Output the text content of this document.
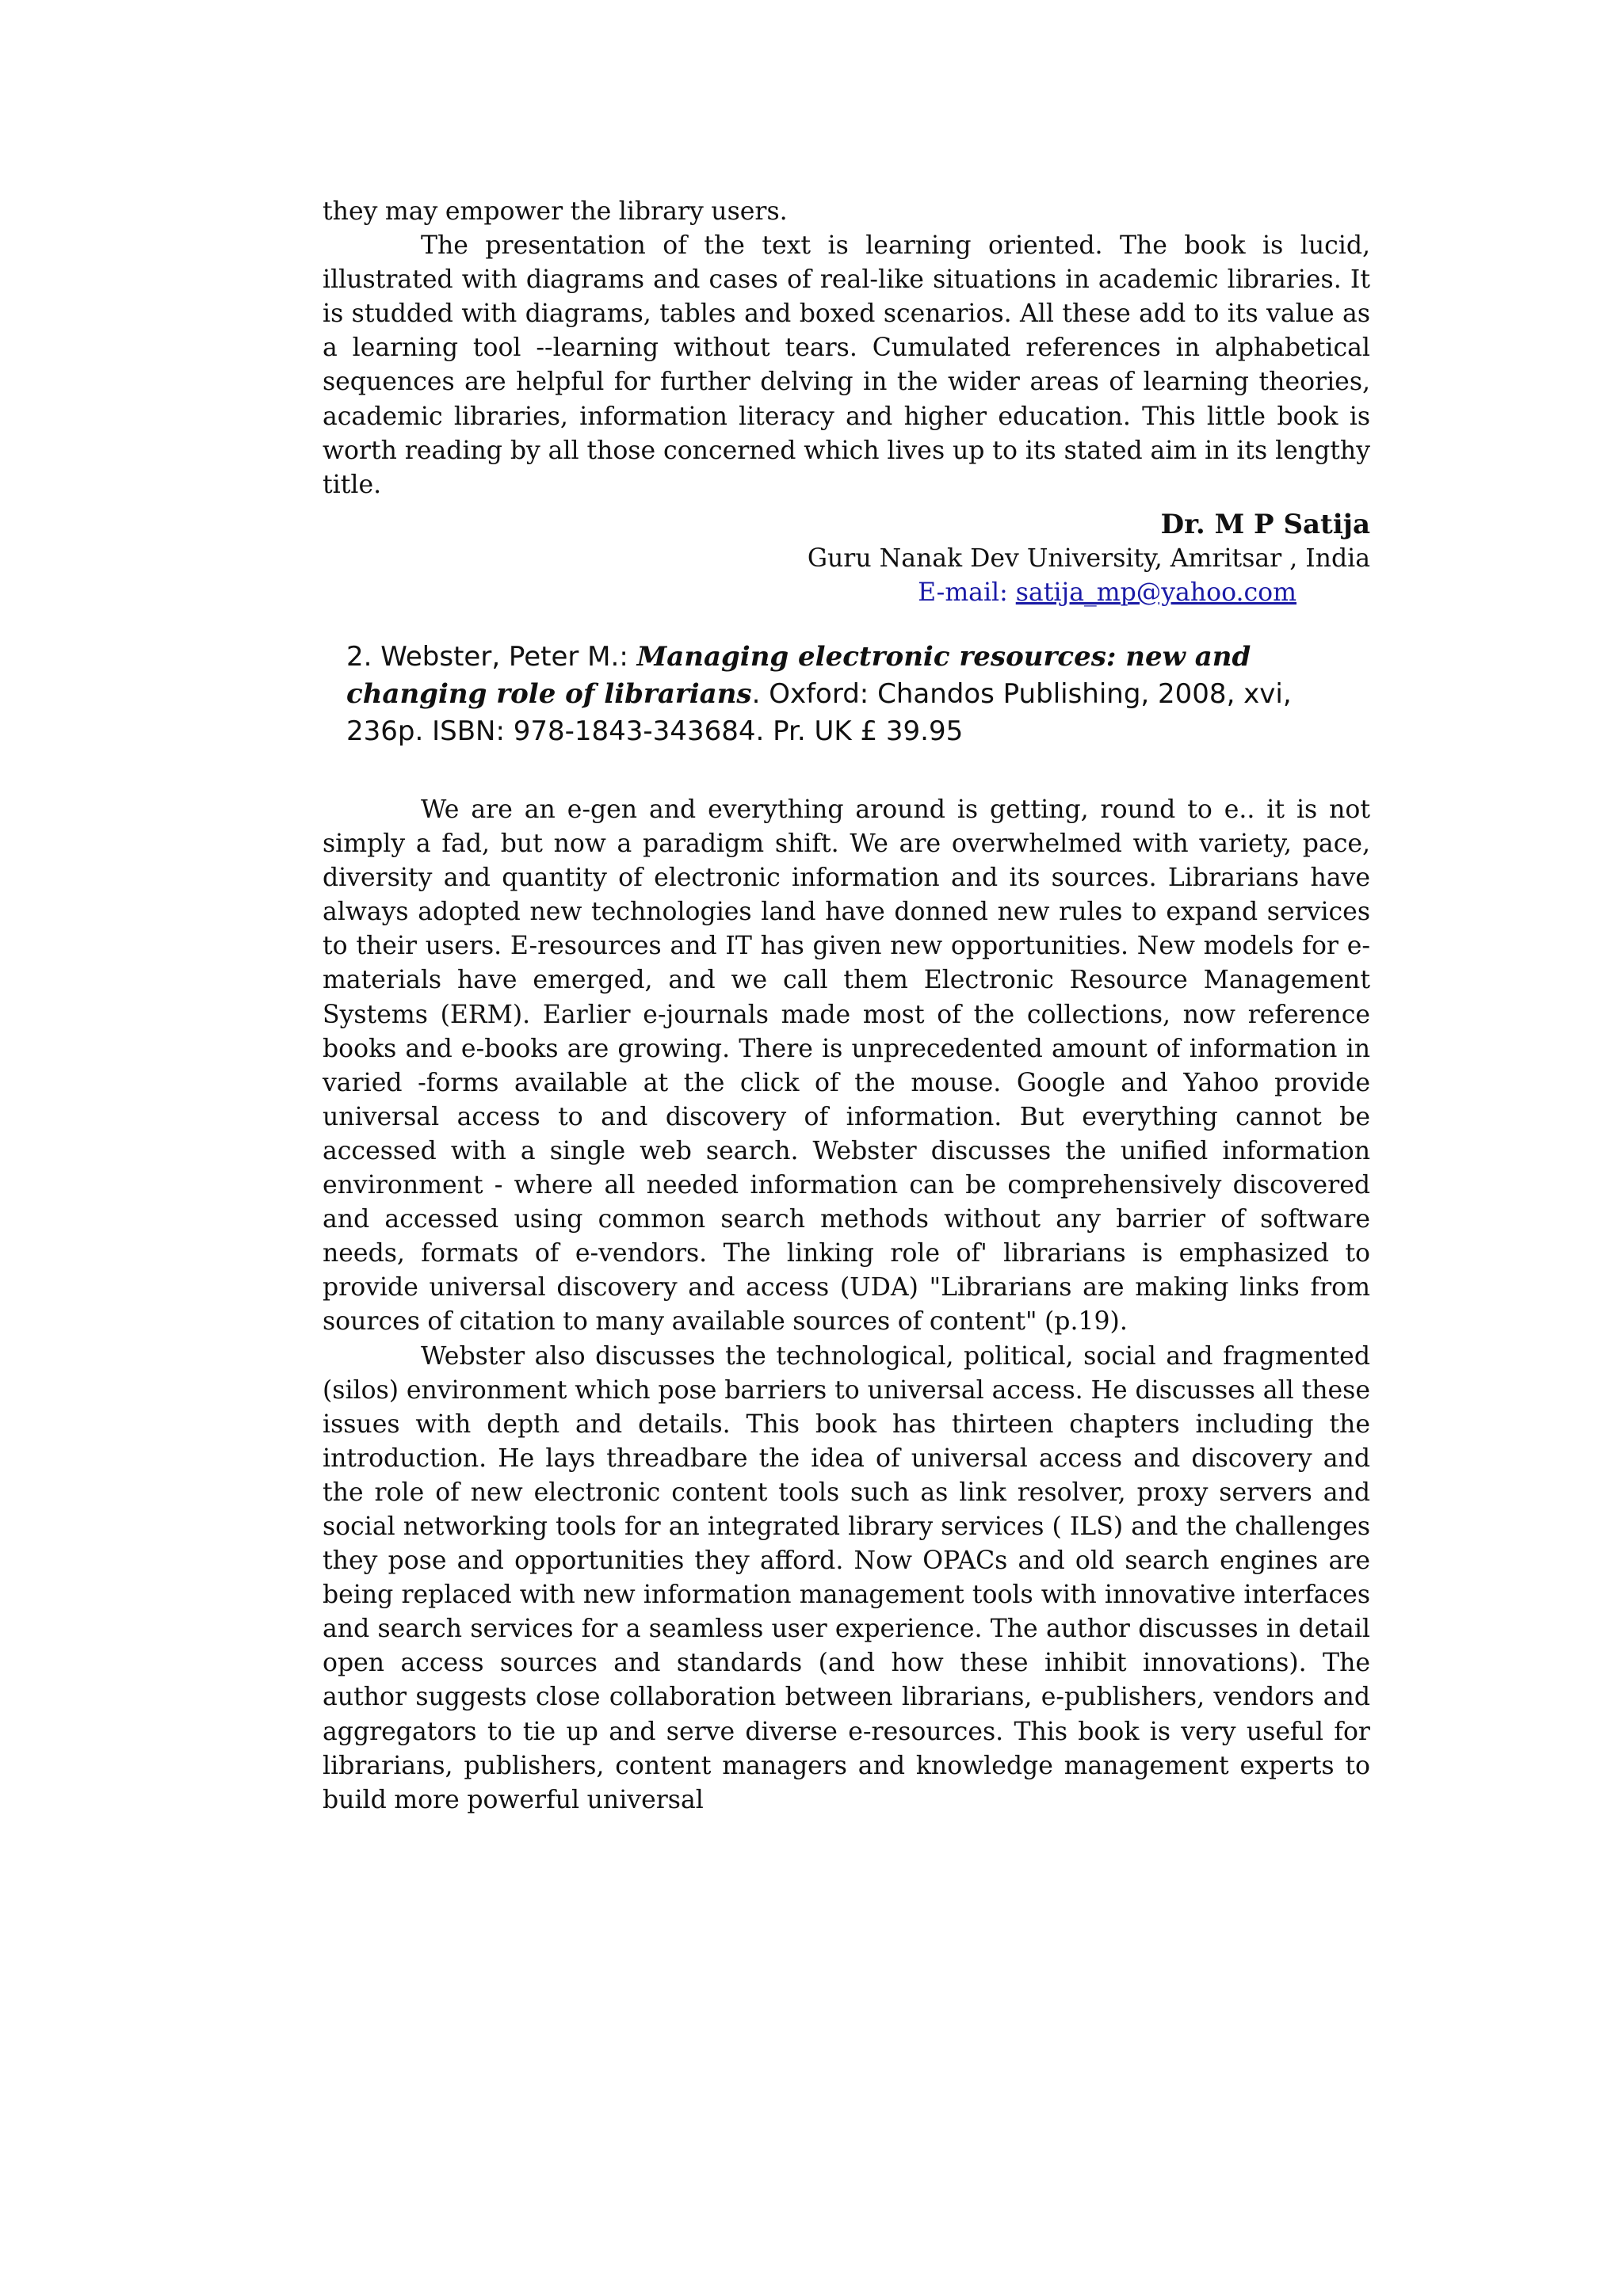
they may empower the library users.

The presentation of the text is learning oriented. The book is lucid, illustrated with diagrams and cases of real-like situations in academic libraries. It is studded with diagrams, tables and boxed scenarios. All these add to its value as a learning tool --learning without tears. Cumulated references in alphabetical sequences are helpful for further delving in the wider areas of learning theories, academic libraries, information literacy and higher education. This little book is worth reading by all those concerned which lives up to its stated aim in its lengthy title.

Dr. M P Satija
Guru Nanak Dev University, Amritsar , India
E-mail: satija_mp@yahoo.com
2. Webster, Peter M.: Managing electronic resources: new and changing role of librarians. Oxford: Chandos Publishing, 2008, xvi, 236p. ISBN: 978-1843-343684. Pr. UK £ 39.95

We are an e-gen and everything around is getting, round to e.. it is not simply a fad, but now a paradigm shift. We are overwhelmed with variety, pace, diversity and quantity of electronic information and its sources. Librarians have always adopted new technologies land have donned new rules to expand services to their users. E-resources and IT has given new opportunities. New models for e-materials have emerged, and we call them Electronic Resource Management Systems (ERM). Earlier e-journals made most of the collections, now reference books and e-books are growing. There is unprecedented amount of information in varied -forms available at the click of the mouse. Google and Yahoo provide universal access to and discovery of information. But everything cannot be accessed with a single web search. Webster discusses the unified information environment - where all needed information can be comprehensively discovered and accessed using common search methods without any barrier of software needs, formats of e-vendors. The linking role of' librarians is emphasized to provide universal discovery and access (UDA) "Librarians are making links from sources of citation to many available sources of content" (p.19).

Webster also discusses the technological, political, social and fragmented (silos) environment which pose barriers to universal access. He discusses all these issues with depth and details. This book has thirteen chapters including the introduction. He lays threadbare the idea of universal access and discovery and the role of new electronic content tools such as link resolver, proxy servers and social networking tools for an integrated library services ( ILS) and the challenges they pose and opportunities they afford. Now OPACs and old search engines are being replaced with new information management tools with innovative interfaces and search services for a seamless user experience. The author discusses in detail open access sources and standards (and how these inhibit innovations). The author suggests close collaboration between librarians, e-publishers, vendors and aggregators to tie up and serve diverse e-resources. This book is very useful for librarians, publishers, content managers and knowledge management experts to build more powerful universal
